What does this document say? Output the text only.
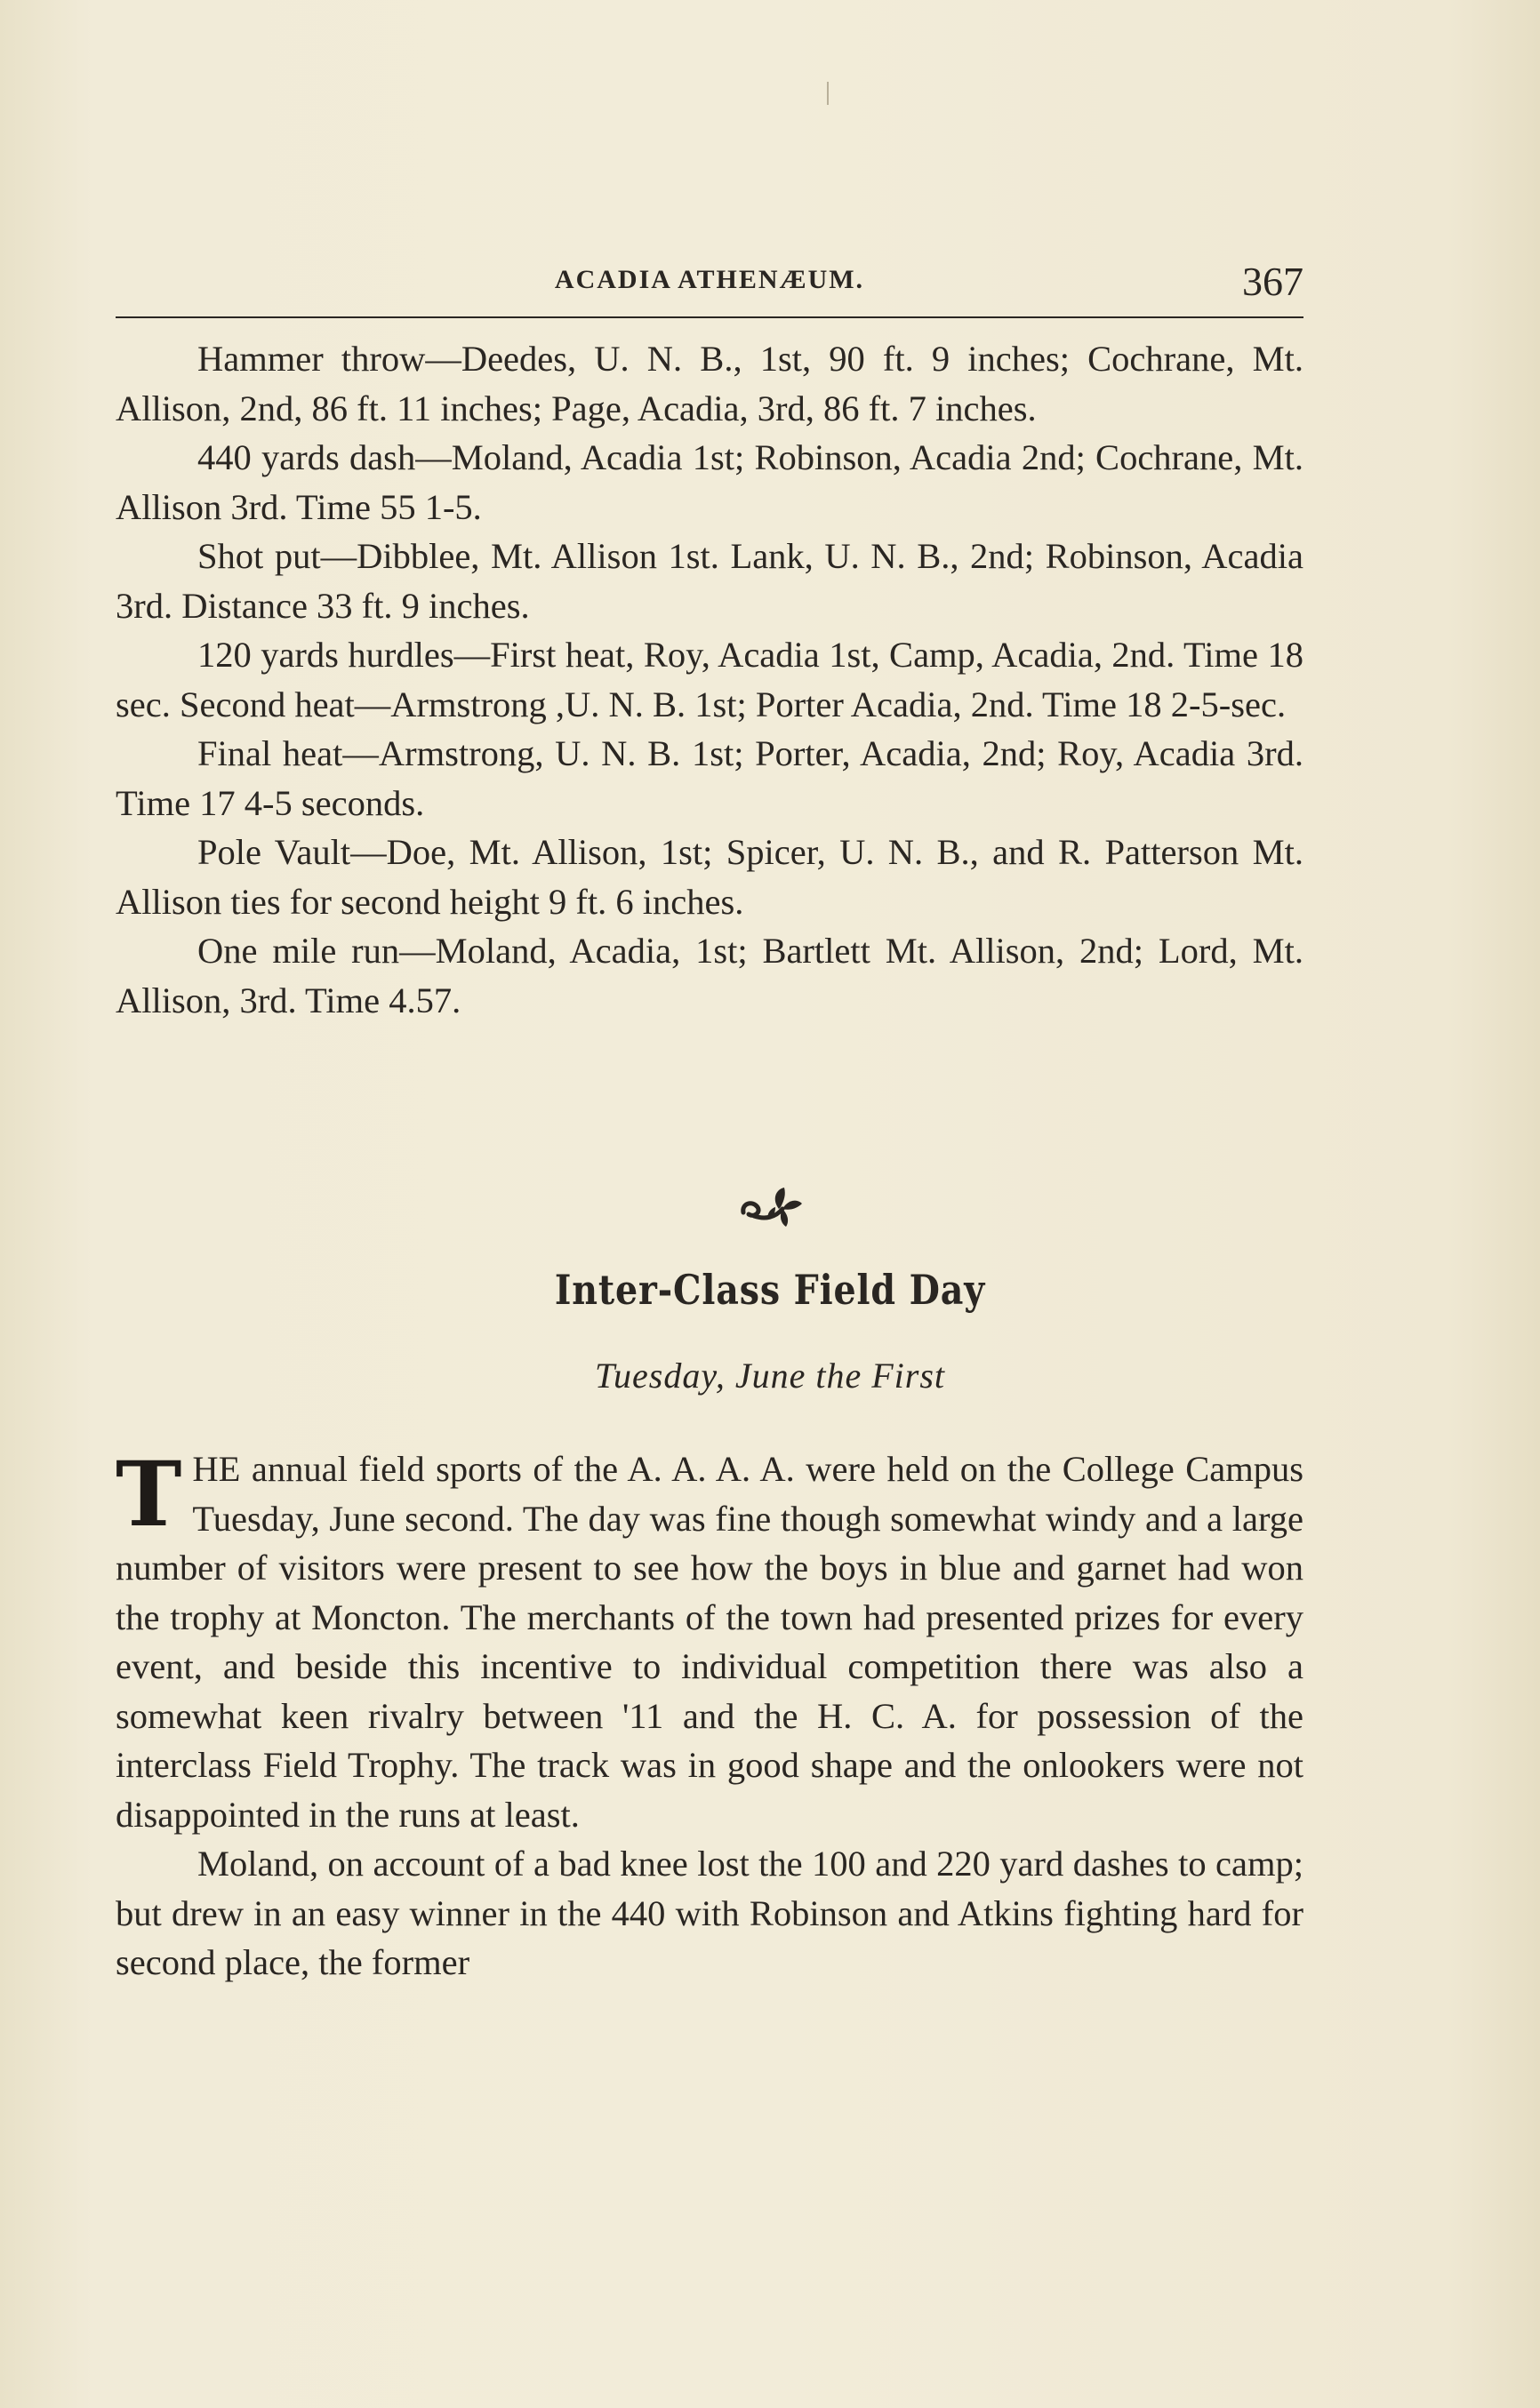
ACADIA ATHENÆUM.	367

Hammer throw—Deedes, U. N. B., 1st, 90 ft. 9 inches; Cochrane, Mt. Allison, 2nd, 86 ft. 11 inches; Page, Acadia, 3rd, 86 ft. 7 inches.

440 yards dash—Moland, Acadia 1st; Robinson, Acadia 2nd; Cochrane, Mt. Allison 3rd. Time 55 1-5.

Shot put—Dibblee, Mt. Allison 1st. Lank, U. N. B., 2nd; Robinson, Acadia 3rd. Distance 33 ft. 9 inches.

120 yards hurdles—First heat, Roy, Acadia 1st, Camp, Acadia, 2nd. Time 18 sec. Second heat—Armstrong ,U. N. B. 1st; Porter Acadia, 2nd. Time 18 2-5-sec.

Final heat—Armstrong, U. N. B. 1st; Porter, Acadia, 2nd; Roy, Acadia 3rd. Time 17 4-5 seconds.

Pole Vault—Doe, Mt. Allison, 1st; Spicer, U. N. B., and R. Patterson Mt. Allison ties for second height 9 ft. 6 inches.

One mile run—Moland, Acadia, 1st; Bartlett Mt. Allison, 2nd; Lord, Mt. Allison, 3rd. Time 4.57.

Inter-Class Field Day
Tuesday, June the First

THE annual field sports of the A. A. A. A. were held on the College Campus Tuesday, June second. The day was fine though somewhat windy and a large number of visitors were present to see how the boys in blue and garnet had won the trophy at Moncton. The merchants of the town had presented prizes for every event, and beside this incentive to individual competition there was also a somewhat keen rivalry between '11 and the H. C. A. for possession of the interclass Field Trophy. The track was in good shape and the onlookers were not disappointed in the runs at least.

Moland, on account of a bad knee lost the 100 and 220 yard dashes to camp; but drew in an easy winner in the 440 with Robinson and Atkins fighting hard for second place, the former
